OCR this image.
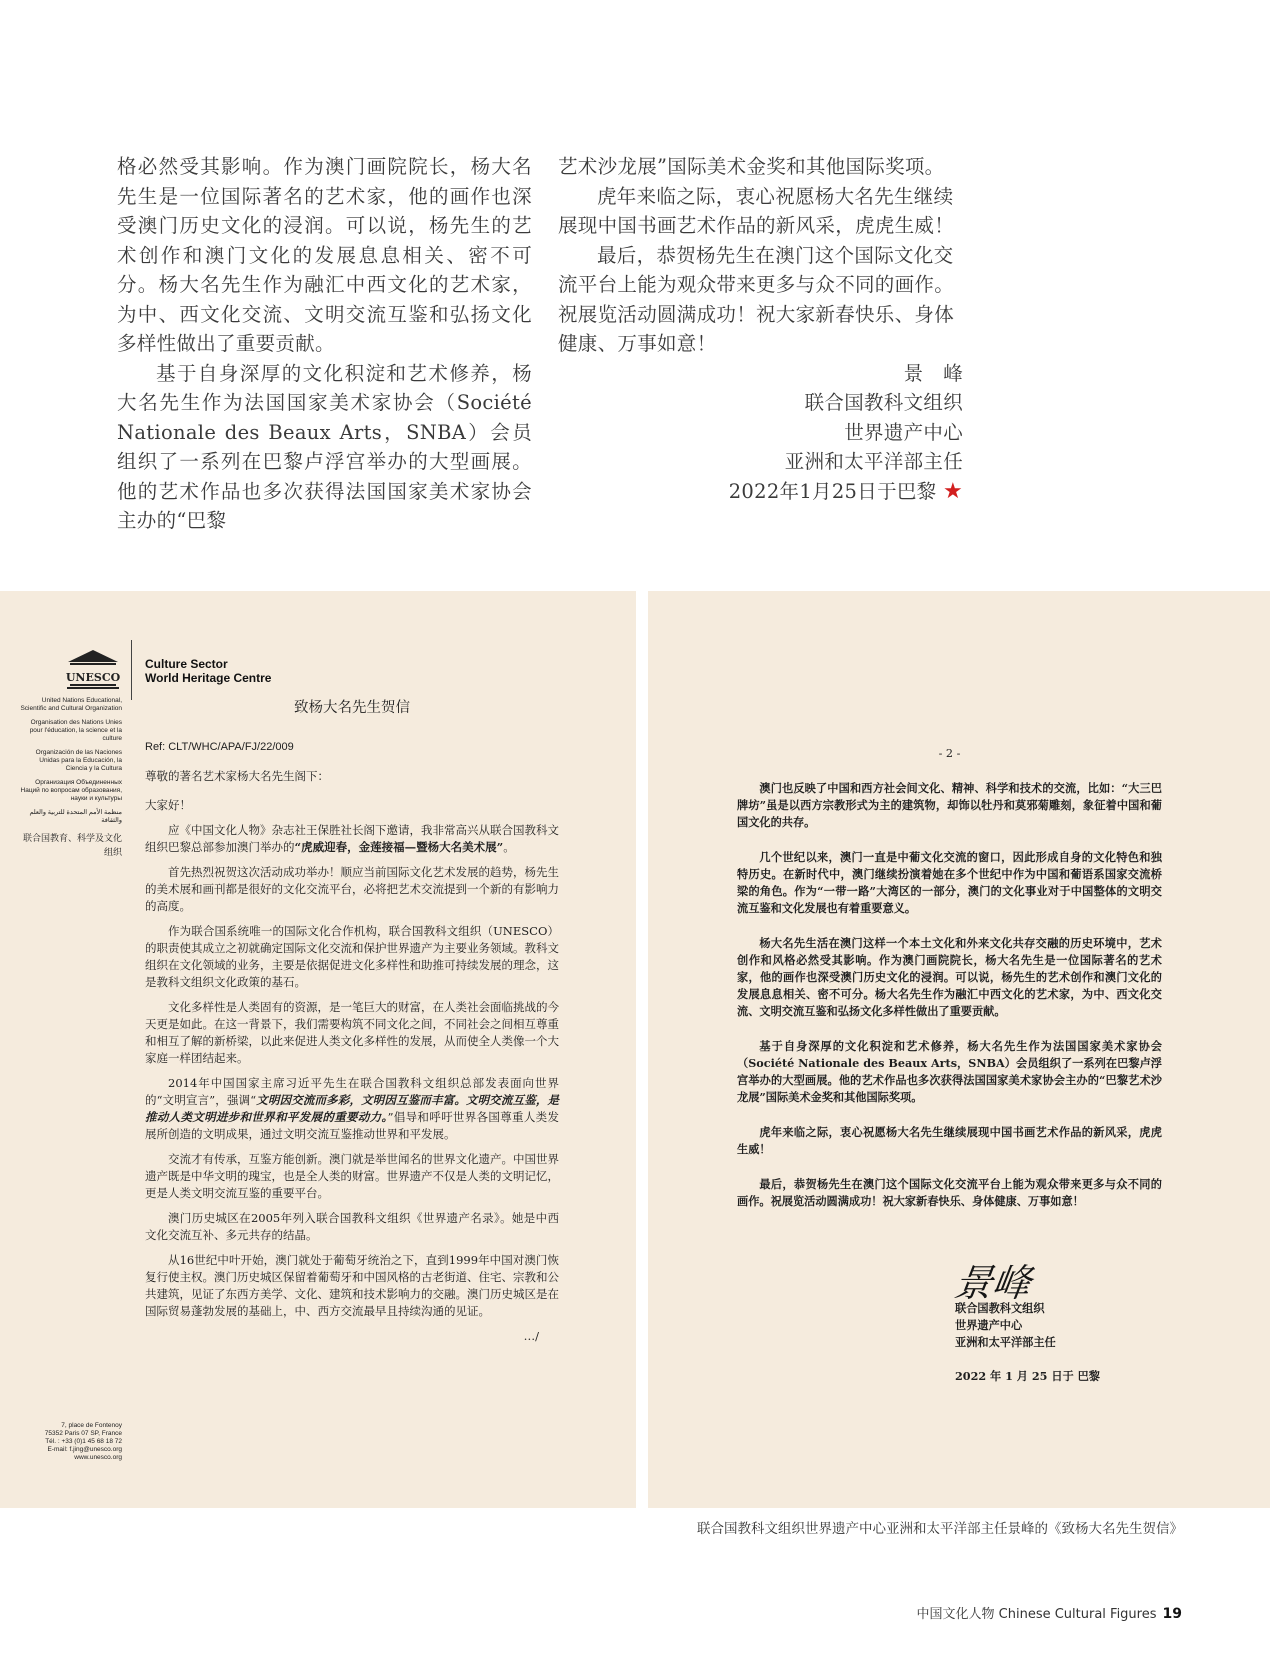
格必然受其影响。作为澳门画院院长，杨大名先生是一位国际著名的艺术家，他的画作也深受澳门历史文化的浸润。可以说，杨先生的艺术创作和澳门文化的发展息息相关、密不可分。杨大名先生作为融汇中西文化的艺术家，为中、西文化交流、文明交流互鉴和弘扬文化多样性做出了重要贡献。

基于自身深厚的文化积淀和艺术修养，杨大名先生作为法国国家美术家协会（Société Nationale des Beaux Arts，SNBA）会员组织了一系列在巴黎卢浮宫举办的大型画展。他的艺术作品也多次获得法国国家美术家协会主办的“巴黎

艺术沙龙展”国际美术金奖和其他国际奖项。

虎年来临之际，衷心祝愿杨大名先生继续展现中国书画艺术作品的新风采，虎虎生威！

最后，恭贺杨先生在澳门这个国际文化交流平台上能为观众带来更多与众不同的画作。祝展览活动圆满成功！祝大家新春快乐、身体健康、万事如意！

景　峰
联合国教科文组织
世界遗产中心
亚洲和太平洋部主任
2022年1月25日于巴黎 ★
UNESCO
United Nations Educational, Scientific and Cultural Organization
Organisation des Nations Unies pour l'éducation, la science et la culture
Organización de las Naciones Unidas para la Educación, la Ciencia y la Cultura
Организация Объединенных Наций по вопросам образования, науки и культуры
منظمة الأمم المتحدة للتربية والعلم والثقافة
联合国教育、科学及文化组织
Culture Sector
World Heritage Centre
致杨大名先生贺信

Ref: CLT/WHC/APA/FJ/22/009

尊敬的著名艺术家杨大名先生阁下：

大家好！

应《中国文化人物》杂志社王保胜社长阁下邀请，我非常高兴从联合国教科文组织巴黎总部参加澳门举办的“虎威迎春，金莲接福—暨杨大名美术展”。

首先热烈祝贺这次活动成功举办！顺应当前国际文化艺术发展的趋势，杨先生的美术展和画刊都是很好的文化交流平台，必将把艺术交流提到一个新的有影响力的高度。

作为联合国系统唯一的国际文化合作机构，联合国教科文组织（UNESCO）的职责使其成立之初就确定国际文化交流和保护世界遗产为主要业务领域。教科文组织在文化领域的业务，主要是依据促进文化多样性和助推可持续发展的理念，这是教科文组织文化政策的基石。

文化多样性是人类固有的资源，是一笔巨大的财富，在人类社会面临挑战的今天更是如此。在这一背景下，我们需要构筑不同文化之间，不同社会之间相互尊重和相互了解的新桥梁，以此来促进人类文化多样性的发展，从而使全人类像一个大家庭一样团结起来。

2014年中国国家主席习近平先生在联合国教科文组织总部发表面向世界的“文明宣言”，强调“文明因交流而多彩，文明因互鉴而丰富。文明交流互鉴，是推动人类文明进步和世界和平发展的重要动力。”倡导和呼吁世界各国尊重人类发展所创造的文明成果，通过文明交流互鉴推动世界和平发展。

交流才有传承，互鉴方能创新。澳门就是举世闻名的世界文化遗产。中国世界遗产既是中华文明的瑰宝，也是全人类的财富。世界遗产不仅是人类的文明记忆，更是人类文明交流互鉴的重要平台。

澳门历史城区在2005年列入联合国教科文组织《世界遗产名录》。她是中西文化交流互补、多元共存的结晶。

从16世纪中叶开始，澳门就处于葡萄牙统治之下，直到1999年中国对澳门恢复行使主权。澳门历史城区保留着葡萄牙和中国风格的古老街道、住宅、宗教和公共建筑，见证了东西方美学、文化、建筑和技术影响力的交融。澳门历史城区是在国际贸易蓬勃发展的基础上，中、西方交流最早且持续沟通的见证。

…/
7, place de Fontenoy
75352 Paris 07 SP, France
Tél. : +33 (0)1 45 68 18 72
E-mail: f.jing@unesco.org
www.unesco.org
- 2 -

澳门也反映了中国和西方社会间文化、精神、科学和技术的交流，比如：“大三巴牌坊”虽是以西方宗教形式为主的建筑物，却饰以牡丹和莫邪菊雕刻，象征着中国和葡国文化的共存。

几个世纪以来，澳门一直是中葡文化交流的窗口，因此形成自身的文化特色和独特历史。在新时代中，澳门继续扮演着她在多个世纪中作为中国和葡语系国家交流桥梁的角色。作为“一带一路”大湾区的一部分，澳门的文化事业对于中国整体的文明交流互鉴和文化发展也有着重要意义。

杨大名先生活在澳门这样一个本土文化和外来文化共存交融的历史环境中，艺术创作和风格必然受其影响。作为澳门画院院长，杨大名先生是一位国际著名的艺术家，他的画作也深受澳门历史文化的浸润。可以说，杨先生的艺术创作和澳门文化的发展息息相关、密不可分。杨大名先生作为融汇中西文化的艺术家，为中、西文化交流、文明交流互鉴和弘扬文化多样性做出了重要贡献。

基于自身深厚的文化积淀和艺术修养，杨大名先生作为法国国家美术家协会（Société Nationale des Beaux Arts，SNBA）会员组织了一系列在巴黎卢浮宫举办的大型画展。他的艺术作品也多次获得法国国家美术家协会主办的“巴黎艺术沙龙展”国际美术金奖和其他国际奖项。

虎年来临之际，衷心祝愿杨大名先生继续展现中国书画艺术作品的新风采，虎虎生威！

最后，恭贺杨先生在澳门这个国际文化交流平台上能为观众带来更多与众不同的画作。祝展览活动圆满成功！祝大家新春快乐、身体健康、万事如意！

景峰
联合国教科文组织
世界遗产中心
亚洲和太平洋部主任
2022 年 1 月 25 日于 巴黎
联合国教科文组织世界遗产中心亚洲和太平洋部主任景峰的《致杨大名先生贺信》
中国文化人物 Chinese Cultural Figures 19
